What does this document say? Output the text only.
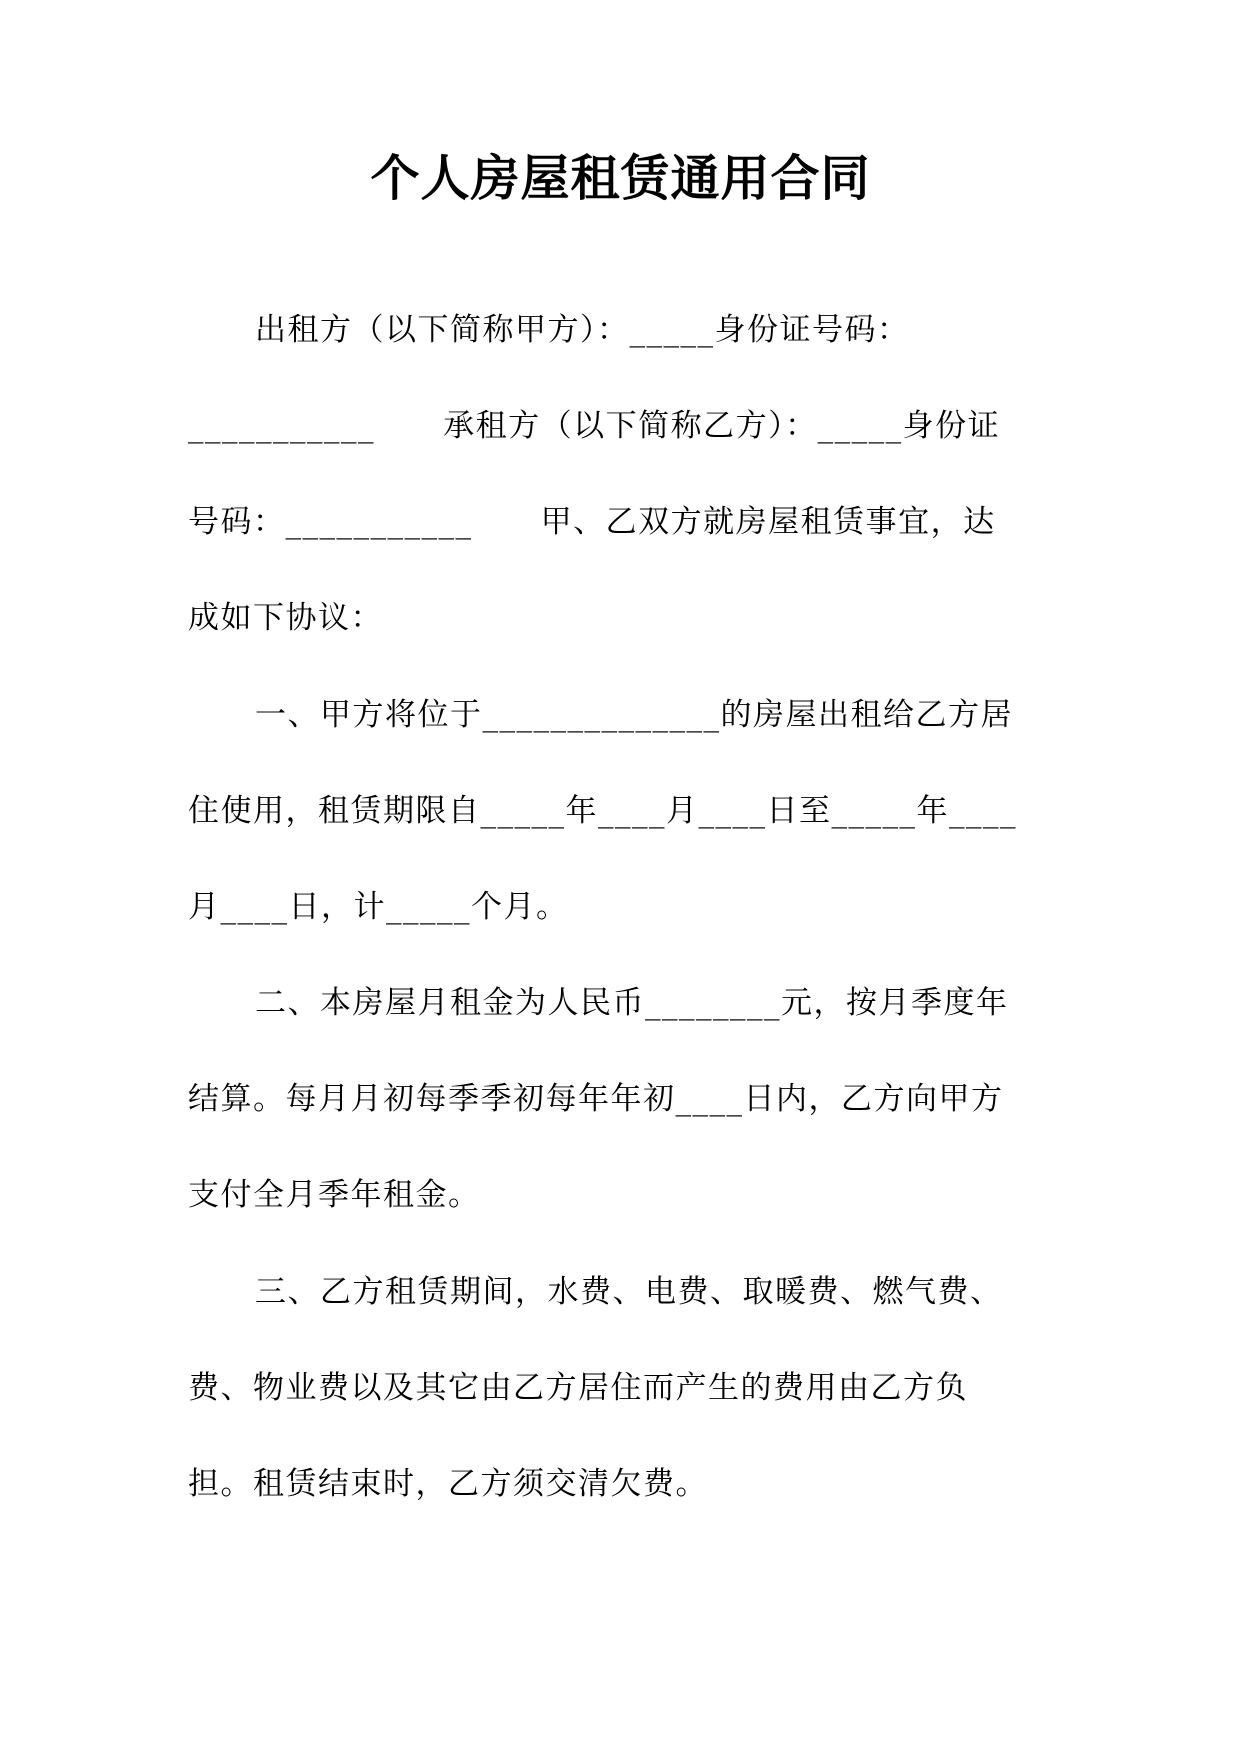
个人房屋租赁通用合同
出租方（以下简称甲方）：_____身份证号码：
___________      承租方（以下简称乙方）：_____身份证
号码：___________      甲、乙双方就房屋租赁事宜，达
成如下协议：
一、甲方将位于______________的房屋出租给乙方居
住使用，租赁期限自_____年____月____日至_____年____
月____日，计_____个月。
二、本房屋月租金为人民币________元，按月季度年
结算。每月月初每季季初每年年初____日内，乙方向甲方
支付全月季年租金。
三、乙方租赁期间，水费、电费、取暖费、燃气费、
费、物业费以及其它由乙方居住而产生的费用由乙方负
担。租赁结束时，乙方须交清欠费。
